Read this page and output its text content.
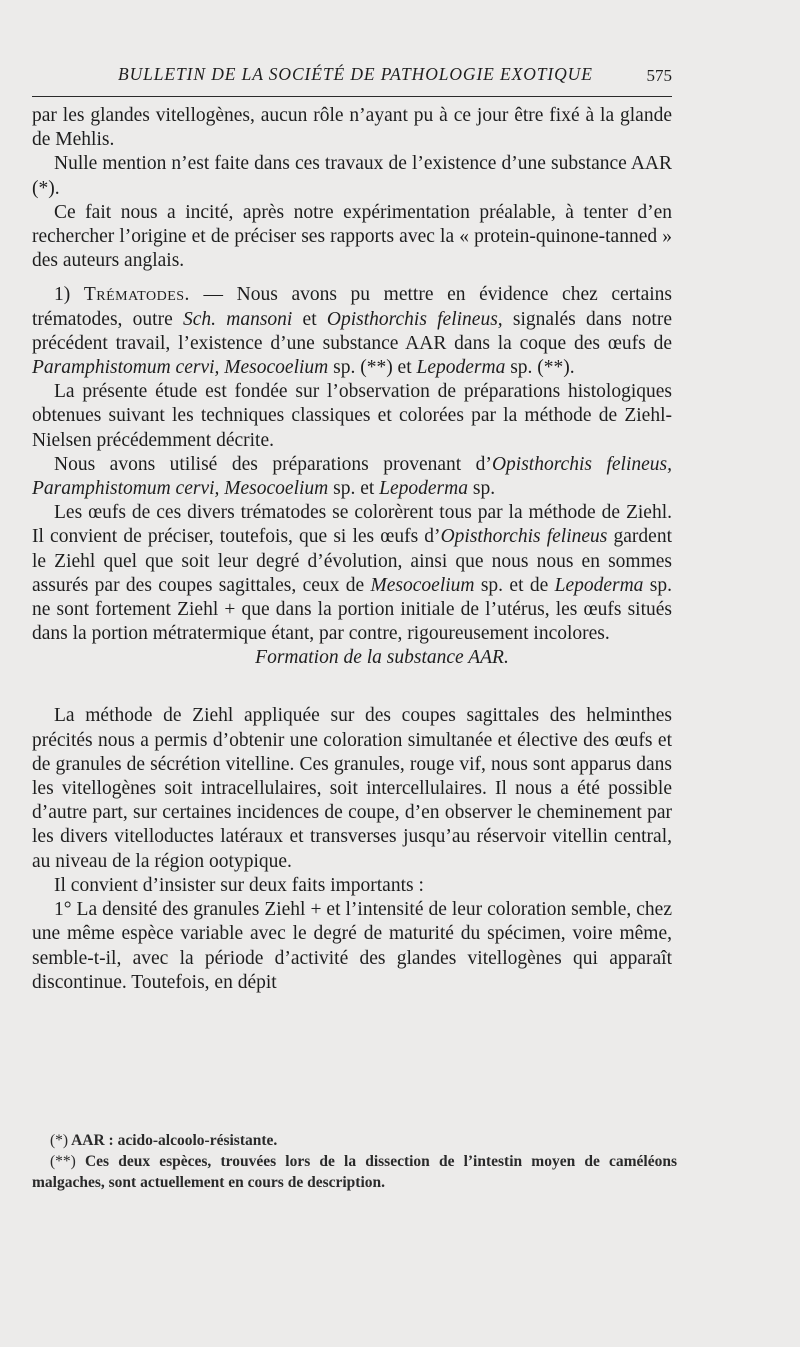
BULLETIN DE LA SOCIÉTÉ DE PATHOLOGIE EXOTIQUE	575

par les glandes vitellogènes, aucun rôle n’ayant pu à ce jour être fixé à la glande de Mehlis.

Nulle mention n’est faite dans ces travaux de l’existence d’une substance AAR (*).

Ce fait nous a incité, après notre expérimentation préalable, à tenter d’en rechercher l’origine et de préciser ses rapports avec la « protein-quinone-tanned » des auteurs anglais.

1) Trématodes. — Nous avons pu mettre en évidence chez certains trématodes, outre Sch. mansoni et Opisthorchis felineus, signalés dans notre précédent travail, l’existence d’une substance AAR dans la coque des œufs de Paramphistomum cervi, Mesocoelium sp. (**) et Lepoderma sp. (**).

La présente étude est fondée sur l’observation de préparations histologiques obtenues suivant les techniques classiques et colorées par la méthode de Ziehl-Nielsen précédemment décrite.

Nous avons utilisé des préparations provenant d’Opisthorchis felineus, Paramphistomum cervi, Mesocoelium sp. et Lepoderma sp.

Les œufs de ces divers trématodes se colorèrent tous par la méthode de Ziehl. Il convient de préciser, toutefois, que si les œufs d’Opisthorchis felineus gardent le Ziehl quel que soit leur degré d’évolution, ainsi que nous nous en sommes assurés par des coupes sagittales, ceux de Mesocoelium sp. et de Lepoderma sp. ne sont fortement Ziehl + que dans la portion initiale de l’utérus, les œufs situés dans la portion métratermique étant, par contre, rigoureusement incolores.

Formation de la substance AAR.

La méthode de Ziehl appliquée sur des coupes sagittales des helminthes précités nous a permis d’obtenir une coloration simultanée et élective des œufs et de granules de sécrétion vitelline. Ces granules, rouge vif, nous sont apparus dans les vitellogènes soit intracellulaires, soit intercellulaires. Il nous a été possible d’autre part, sur certaines incidences de coupe, d’en observer le cheminement par les divers vitelloductes latéraux et transverses jusqu’au réservoir vitellin central, au niveau de la région ootypique.

Il convient d’insister sur deux faits importants :

1° La densité des granules Ziehl + et l’intensité de leur coloration semble, chez une même espèce variable avec le degré de maturité du spécimen, voire même, semble-t-il, avec la période d’activité des glandes vitellogènes qui apparaît discontinue. Toutefois, en dépit

(*) AAR : acido-alcoolo-résistante.

(**) Ces deux espèces, trouvées lors de la dissection de l’intestin moyen de caméléons malgaches, sont actuellement en cours de description.
